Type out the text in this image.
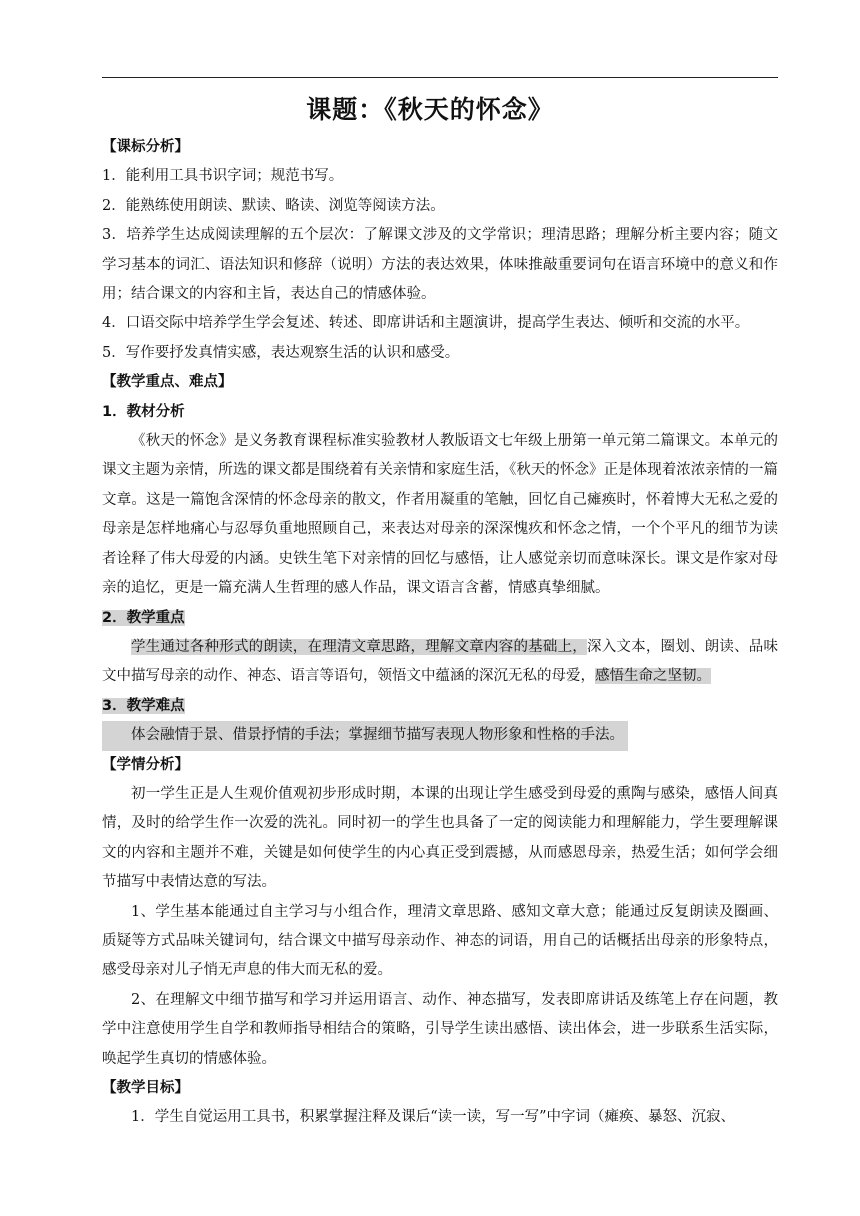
课题：《秋天的怀念》

【课标分析】

1．能利用工具书识字词；规范书写。

2．能熟练使用朗读、默读、略读、浏览等阅读方法。

3．培养学生达成阅读理解的五个层次：了解课文涉及的文学常识；理清思路；理解分析主要内容；随文学习基本的词汇、语法知识和修辞（说明）方法的表达效果，体味推敲重要词句在语言环境中的意义和作用；结合课文的内容和主旨，表达自己的情感体验。

4．口语交际中培养学生学会复述、转述、即席讲话和主题演讲，提高学生表达、倾听和交流的水平。

5．写作要抒发真情实感，表达观察生活的认识和感受。

【教学重点、难点】

1．教材分析

《秋天的怀念》是义务教育课程标准实验教材人教版语文七年级上册第一单元第二篇课文。本单元的课文主题为亲情，所选的课文都是围绕着有关亲情和家庭生活，《秋天的怀念》正是体现着浓浓亲情的一篇文章。这是一篇饱含深情的怀念母亲的散文，作者用凝重的笔触，回忆自己瘫痪时，怀着博大无私之爱的母亲是怎样地痛心与忍辱负重地照顾自己，来表达对母亲的深深愧疚和怀念之情，一个个平凡的细节为读者诠释了伟大母爱的内涵。史铁生笔下对亲情的回忆与感悟，让人感觉亲切而意味深长。课文是作家对母亲的追忆，更是一篇充满人生哲理的感人作品，课文语言含蓄，情感真挚细腻。

2．教学重点

学生通过各种形式的朗读，在理清文章思路，理解文章内容的基础上，深入文本，圈划、朗读、品味文中描写母亲的动作、神态、语言等语句，领悟文中蕴涵的深沉无私的母爱，感悟生命之坚韧。

3．教学难点

体会融情于景、借景抒情的手法；掌握细节描写表现人物形象和性格的手法。

【学情分析】

初一学生正是人生观价值观初步形成时期，本课的出现让学生感受到母爱的熏陶与感染，感悟人间真情，及时的给学生作一次爱的洗礼。同时初一的学生也具备了一定的阅读能力和理解能力，学生要理解课文的内容和主题并不难，关键是如何使学生的内心真正受到震撼，从而感恩母亲，热爱生活；如何学会细节描写中表情达意的写法。

1、学生基本能通过自主学习与小组合作，理清文章思路、感知文章大意；能通过反复朗读及圈画、质疑等方式品味关键词句，结合课文中描写母亲动作、神态的词语，用自己的话概括出母亲的形象特点，感受母亲对儿子悄无声息的伟大而无私的爱。

2、在理解文中细节描写和学习并运用语言、动作、神态描写，发表即席讲话及练笔上存在问题，教学中注意使用学生自学和教师指导相结合的策略，引导学生读出感悟、读出体会，进一步联系生活实际，唤起学生真切的情感体验。

【教学目标】

1．学生自觉运用工具书，积累掌握注释及课后“读一读，写一写”中字词（瘫痪、暴怒、沉寂、
